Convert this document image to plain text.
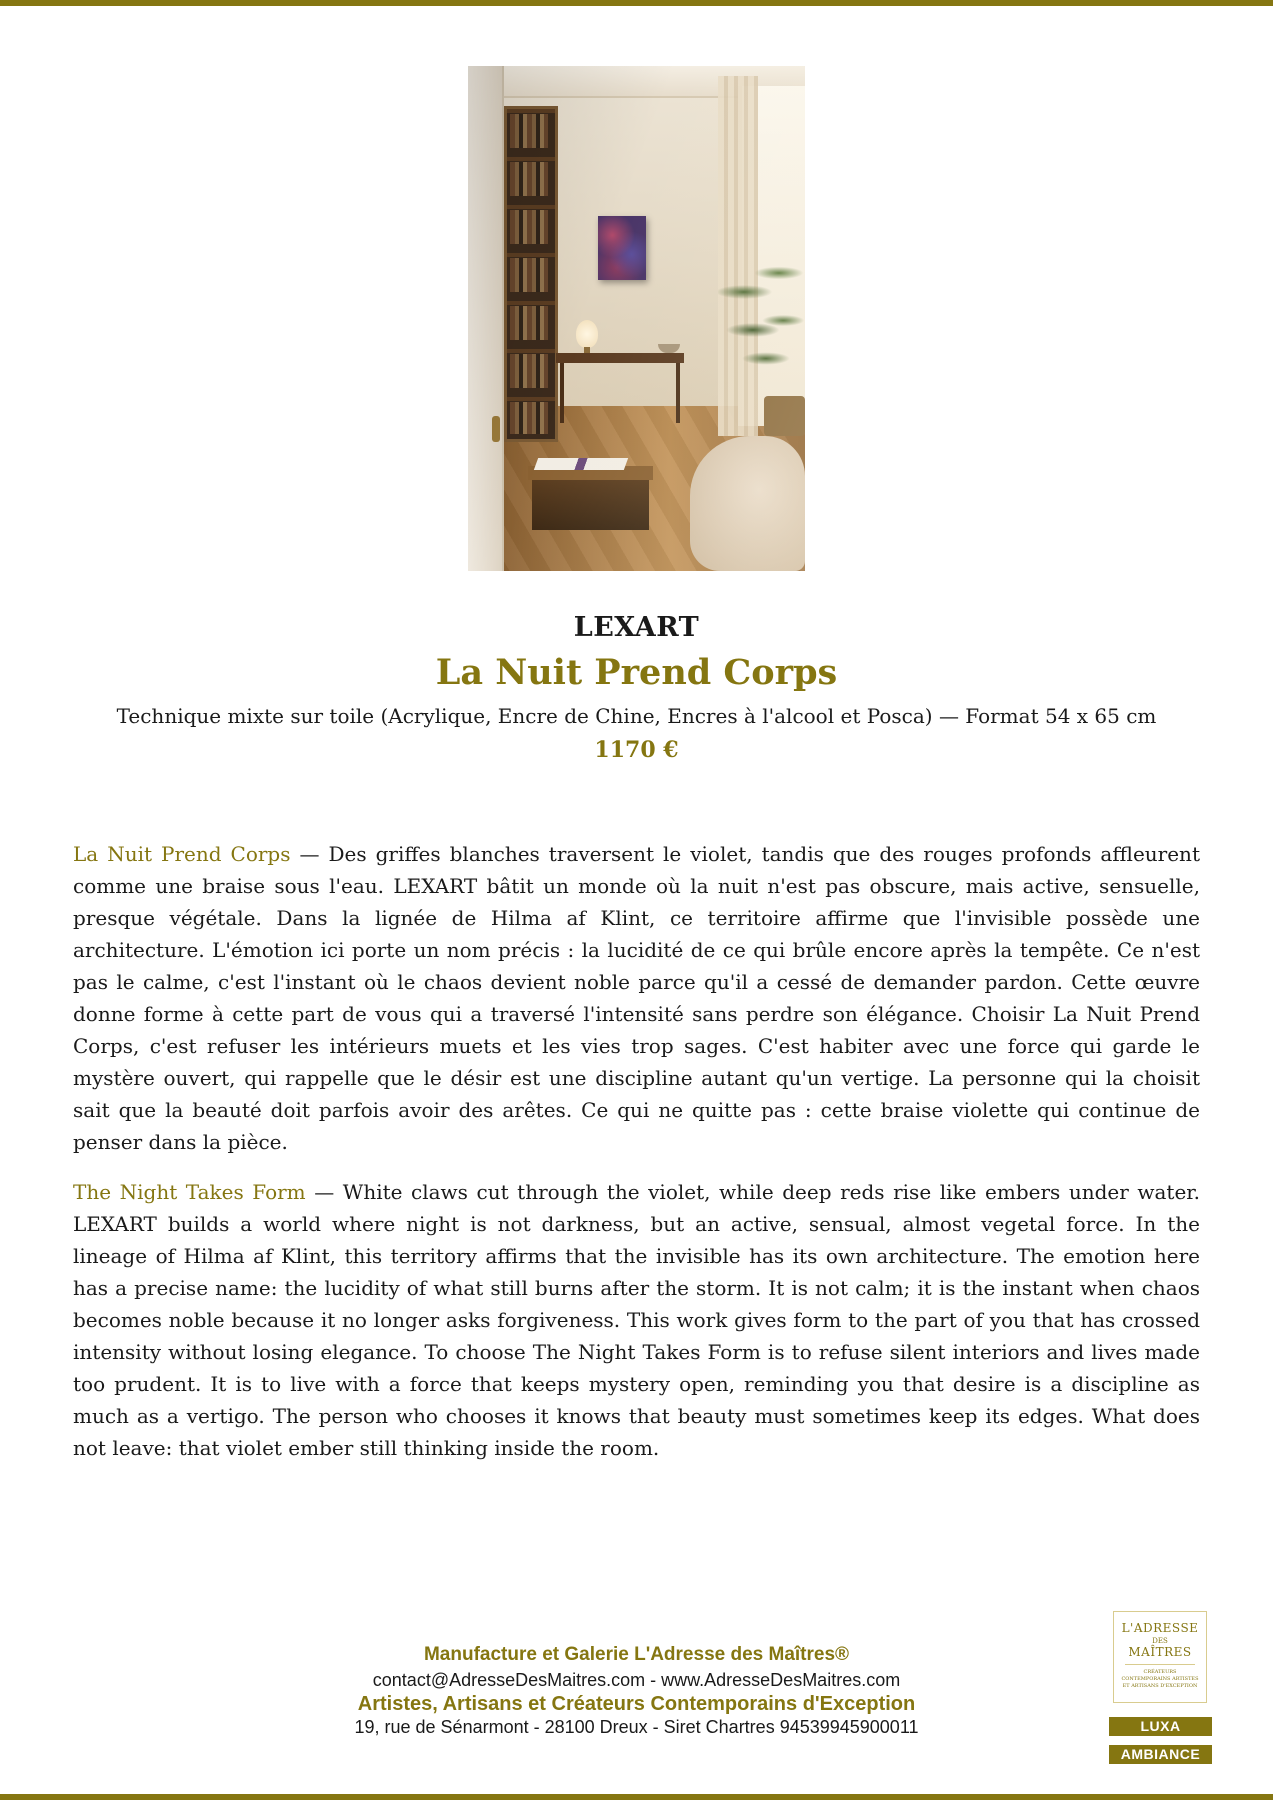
LEXART
La Nuit Prend Corps
Technique mixte sur toile (Acrylique, Encre de Chine, Encres à l'alcool et Posca) — Format 54 x 65 cm
1170 €

La Nuit Prend Corps — Des griffes blanches traversent le violet, tandis que des rouges profonds affleurent comme une braise sous l'eau. LEXART bâtit un monde où la nuit n'est pas obscure, mais active, sensuelle, presque végétale. Dans la lignée de Hilma af Klint, ce territoire affirme que l'invisible possède une architecture. L'émotion ici porte un nom précis : la lucidité de ce qui brûle encore après la tempête. Ce n'est pas le calme, c'est l'instant où le chaos devient noble parce qu'il a cessé de demander pardon. Cette œuvre donne forme à cette part de vous qui a traversé l'intensité sans perdre son élégance. Choisir La Nuit Prend Corps, c'est refuser les intérieurs muets et les vies trop sages. C'est habiter avec une force qui garde le mystère ouvert, qui rappelle que le désir est une discipline autant qu'un vertige. La personne qui la choisit sait que la beauté doit parfois avoir des arêtes. Ce qui ne quitte pas : cette braise violette qui continue de penser dans la pièce.

The Night Takes Form — White claws cut through the violet, while deep reds rise like embers under water. LEXART builds a world where night is not darkness, but an active, sensual, almost vegetal force. In the lineage of Hilma af Klint, this territory affirms that the invisible has its own architecture. The emotion here has a precise name: the lucidity of what still burns after the storm. It is not calm; it is the instant when chaos becomes noble because it no longer asks forgiveness. This work gives form to the part of you that has crossed intensity without losing elegance. To choose The Night Takes Form is to refuse silent interiors and lives made too prudent. It is to live with a force that keeps mystery open, reminding you that desire is a discipline as much as a vertigo. The person who chooses it knows that beauty must sometimes keep its edges. What does not leave: that violet ember still thinking inside the room.

Manufacture et Galerie L'Adresse des Maîtres®
contact@AdresseDesMaitres.com - www.AdresseDesMaitres.com
Artistes, Artisans et Créateurs Contemporains d'Exception
19, rue de Sénarmont - 28100 Dreux - Siret Chartres 94539945900011
L'ADRESSE
DES
MAÎTRES
CRÉATEURS CONTEMPORAINS ARTISTES ET ARTISANS D'EXCEPTION
LUXA
AMBIANCE
